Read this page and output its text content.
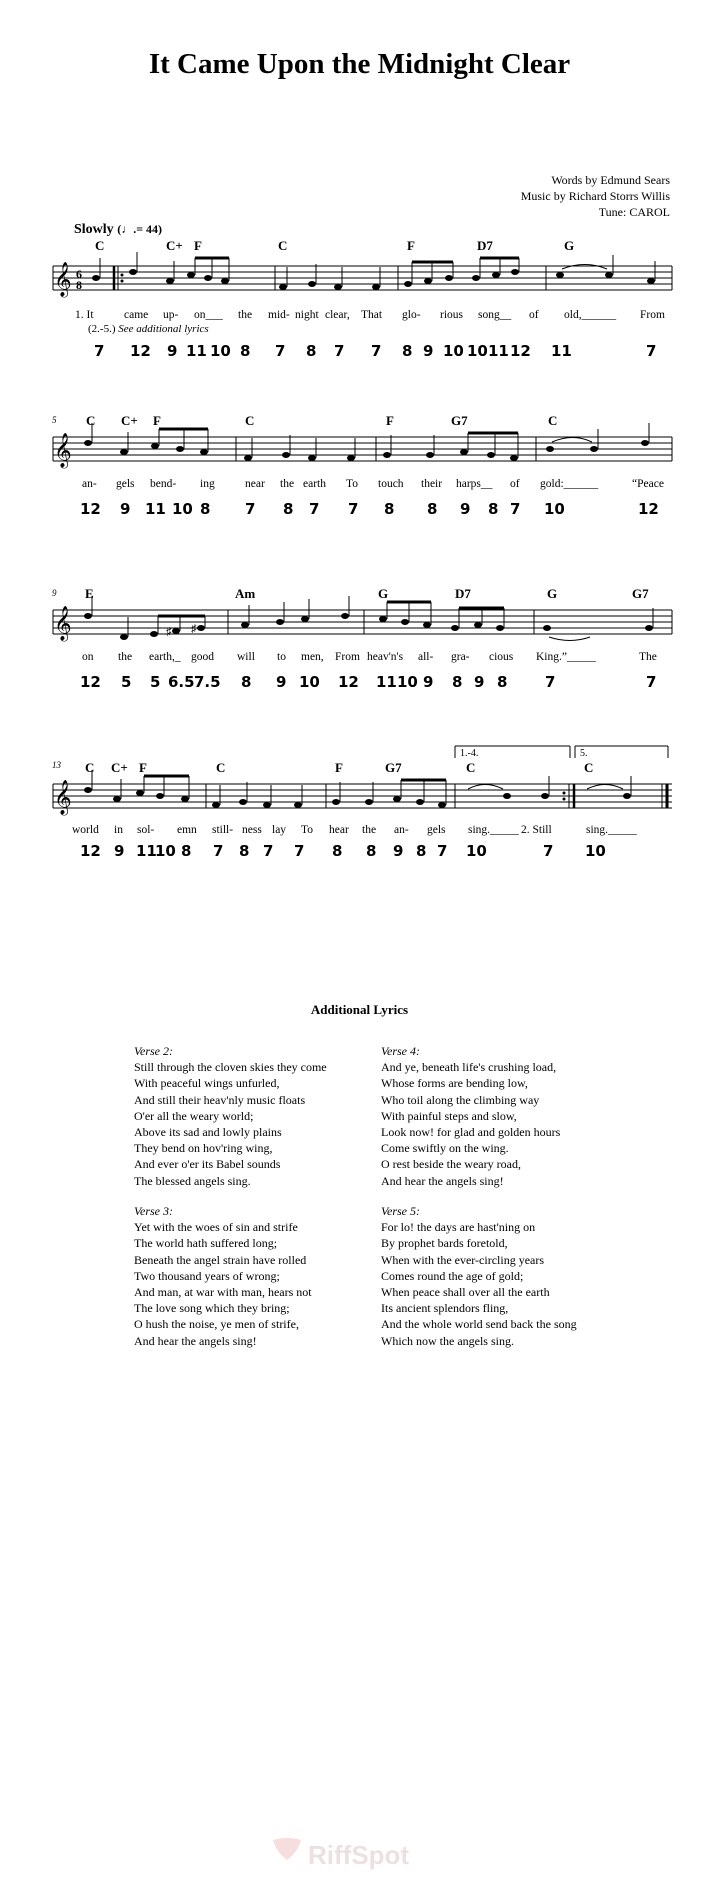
It Came Upon the Midnight Clear
Words by Edmund Sears
Music by Richard Storrs Willis
Tune: CAROL
Slowly (♩.= 44)
𝄞 6
8
C	C+ F	C	F	D7	G
1. It	came up- on___ the mid- night clear, That glo- rious song__ of old,______ From
(2.-5.) See additional lyrics
7 12 9 11 10 8 7 8 7 7 8 9 10 10 11 12 11	7
𝄞
5 C C+ F	C	F	G7	C
an- gels bend- ing	near the earth To touch their harps__ of gold:______	“Peace
12 9 11 10 8 7 8 7 7 8 8 9 8 7 10	12
𝄞	♯ ♯
9 E	Am	G	D7	G	G7
on the earth,_ good will to men, From heav'n's all- gra- cious King.”_____	The
12 5 5 6.5 7.5 8 9 10 12 11 10 9 8 9 8	7	7
𝄞
1.-4.	5.
13 C C+ F	C	F	G7	C	C
world in sol- emn still- ness lay To hear the an- gels sing._____ 2. Still	sing._____
12 9 11
10 8 7 8 7 7 8 8 9 8 7 10	7 10
Additional Lyrics
Verse 2:
Still through the cloven skies they come
With peaceful wings unfurled,
And still their heav'nly music floats
O'er all the weary world;
Above its sad and lowly plains
They bend on hov'ring wing,
And ever o'er its Babel sounds
The blessed angels sing.
Verse 4:
And ye, beneath life's crushing load,
Whose forms are bending low,
Who toil along the climbing way
With painful steps and slow,
Look now! for glad and golden hours
Come swiftly on the wing.
O rest beside the weary road,
And hear the angels sing!
Verse 3:
Yet with the woes of sin and strife
The world hath suffered long;
Beneath the angel strain have rolled
Two thousand years of wrong;
And man, at war with man, hears not
The love song which they bring;
O hush the noise, ye men of strife,
And hear the angels sing!
Verse 5:
For lo! the days are hast'ning on
By prophet bards foretold,
When with the ever-circling years
Comes round the age of gold;
When peace shall over all the earth
Its ancient splendors fling,
And the whole world send back the song
Which now the angels sing.
RiffSpot
